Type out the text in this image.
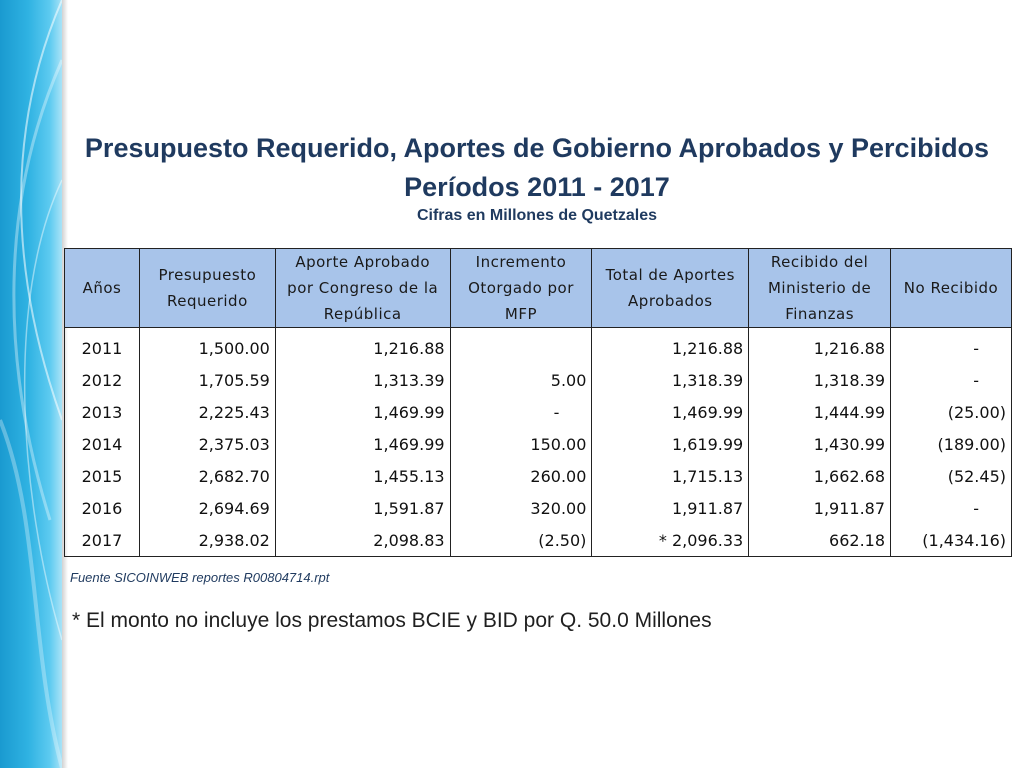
Presupuesto Requerido, Aportes de Gobierno Aprobados y Percibidos
Períodos 2011 - 2017
Cifras en Millones de Quetzales
Años	Presupuesto Requerido	Aporte Aprobado por Congreso de la República	Incremento Otorgado por MFP	Total de Aportes Aprobados	Recibido del Ministerio de Finanzas	No Recibido
2011	1,500.00	1,216.88		1,216.88	1,216.88	-
2012	1,705.59	1,313.39	5.00	1,318.39	1,318.39	-
2013	2,225.43	1,469.99	-	1,469.99	1,444.99	(25.00)
2014	2,375.03	1,469.99	150.00	1,619.99	1,430.99	(189.00)
2015	2,682.70	1,455.13	260.00	1,715.13	1,662.68	(52.45)
2016	2,694.69	1,591.87	320.00	1,911.87	1,911.87	-
2017	2,938.02	2,098.83	(2.50)	* 2,096.33	662.18	(1,434.16)
Fuente SICOINWEB reportes R00804714.rpt
* El monto no incluye los prestamos BCIE y BID por Q. 50.0 Millones
